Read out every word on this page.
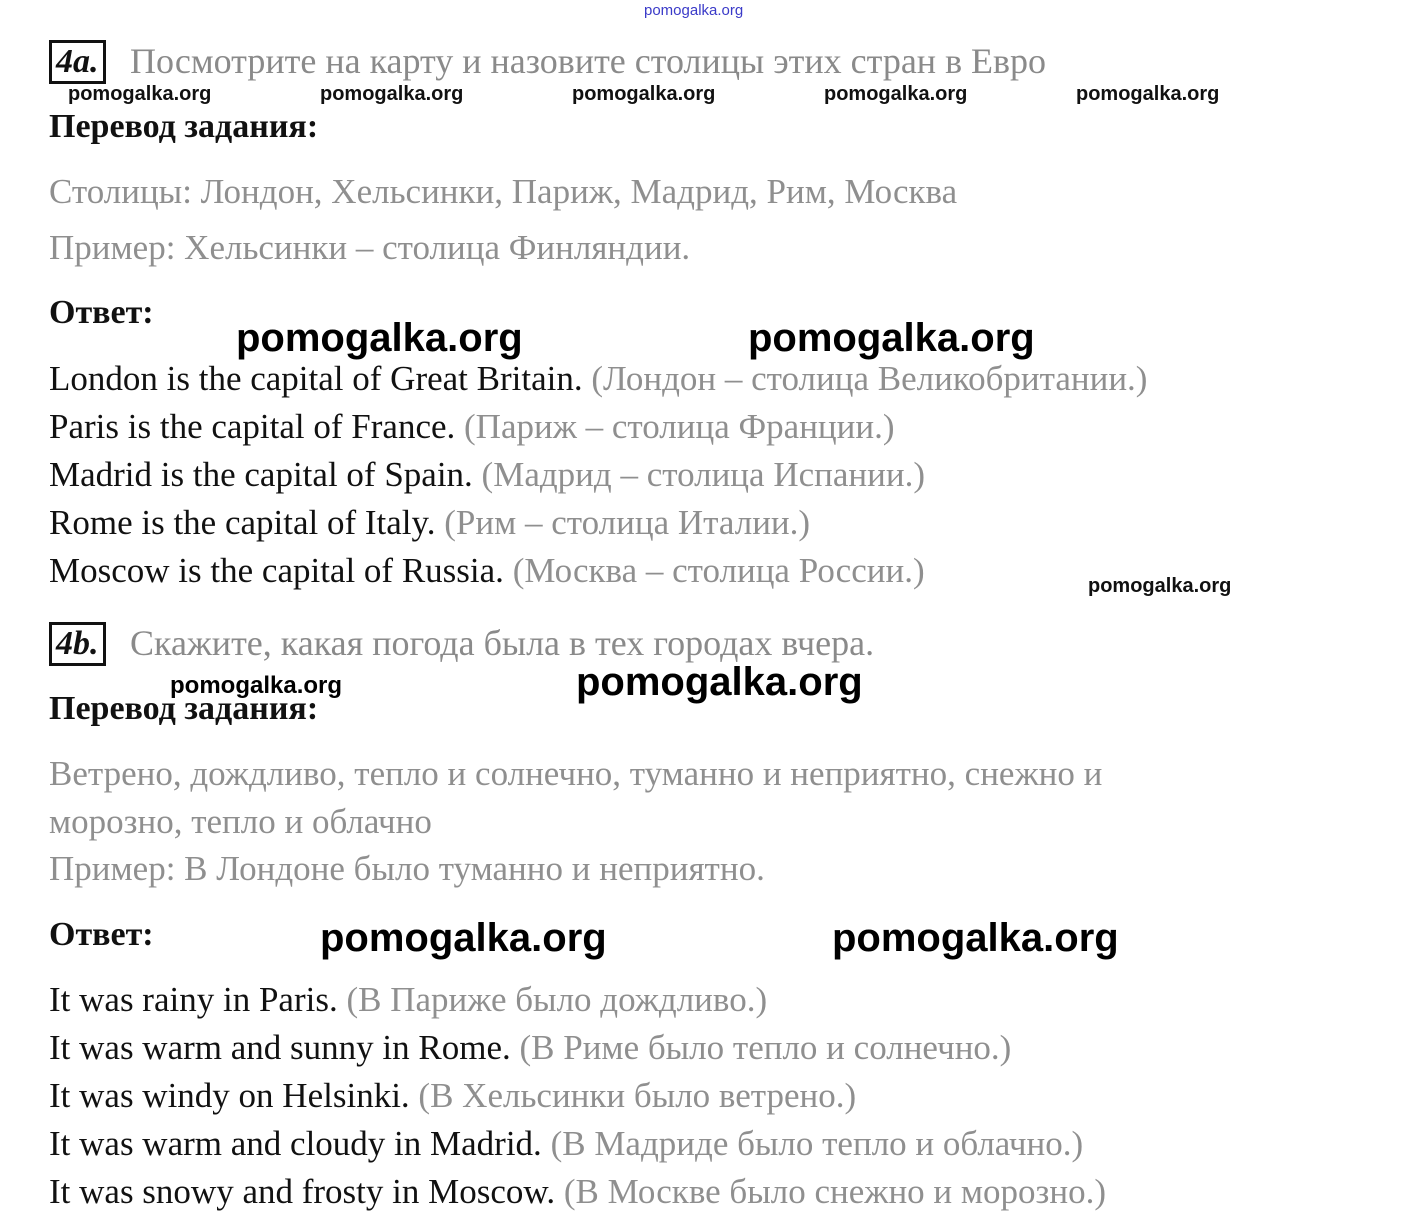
pomogalka.org
4a. Посмотрите на карту и назовите столицы этих стран в Евро
pomogalka.org	pomogalka.org	pomogalka.org	pomogalka.org	pomogalka.org
Перевод задания:
Столицы: Лондон, Хельсинки, Париж, Мадрид, Рим, Москва
Пример: Хельсинки – столица Финляндии.
Ответ:
pomogalka.org	pomogalka.org
London is the capital of Great Britain. (Лондон – столица Великобритании.)
Paris is the capital of France. (Париж – столица Франции.)
Madrid is the capital of Spain. (Мадрид – столица Испании.)
Rome is the capital of Italy. (Рим – столица Италии.)
Moscow is the capital of Russia. (Москва – столица России.)	pomogalka.org
4b. Скажите, какая погода была в тех городах вчера.
pomogalka.org	pomogalka.org
Перевод задания:
Ветрено, дождливо, тепло и солнечно, туманно и неприятно, снежно и
морозно, тепло и облачно
Пример: В Лондоне было туманно и неприятно.
Ответ:	pomogalka.org	pomogalka.org
It was rainy in Paris. (В Париже было дождливо.)
It was warm and sunny in Rome. (В Риме было тепло и солнечно.)
It was windy on Helsinki. (В Хельсинки было ветрено.)
It was warm and cloudy in Madrid. (В Мадриде было тепло и облачно.)
It was snowy and frosty in Moscow. (В Москве было снежно и морозно.)
